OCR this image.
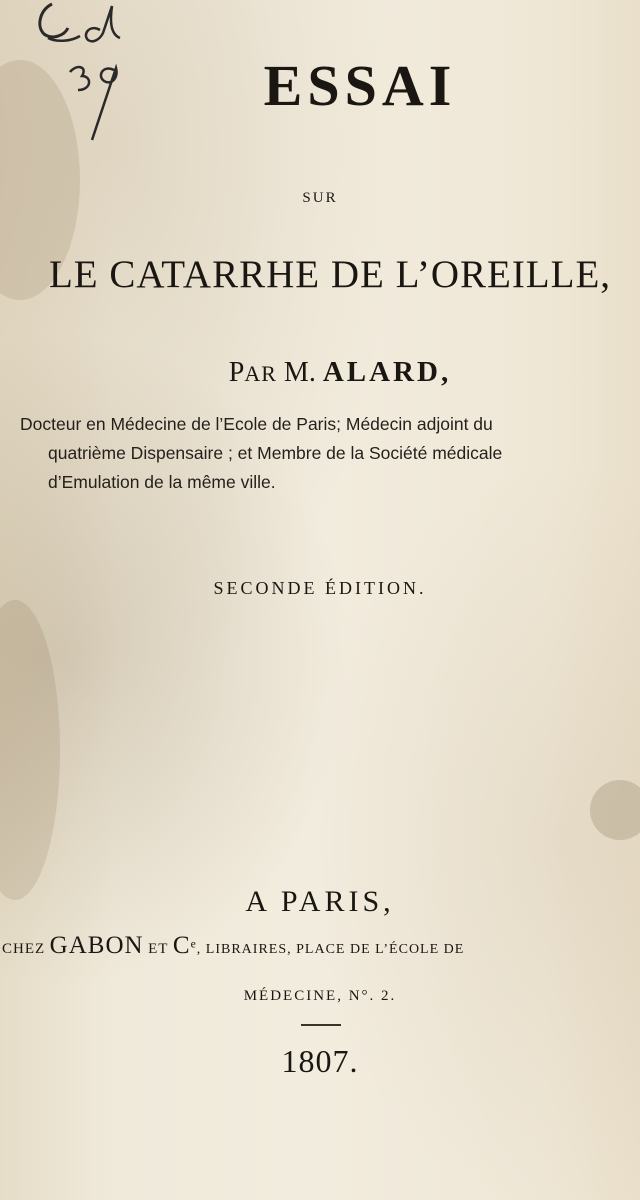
ESSAI
SUR
LE CATARRHE DE L’OREILLE,
PAR M. ALARD,
Docteur en Médecine de l’Ecole de Paris; Médecin adjoint du
quatrième Dispensaire ; et Membre de la Société médicale
d’Emulation de la même ville.
SECONDE ÉDITION.
A PARIS,
CHEZ GABON ET Ce, LIBRAIRES, PLACE DE L’ÉCOLE DE
MÉDECINE, N°. 2.
1807.
